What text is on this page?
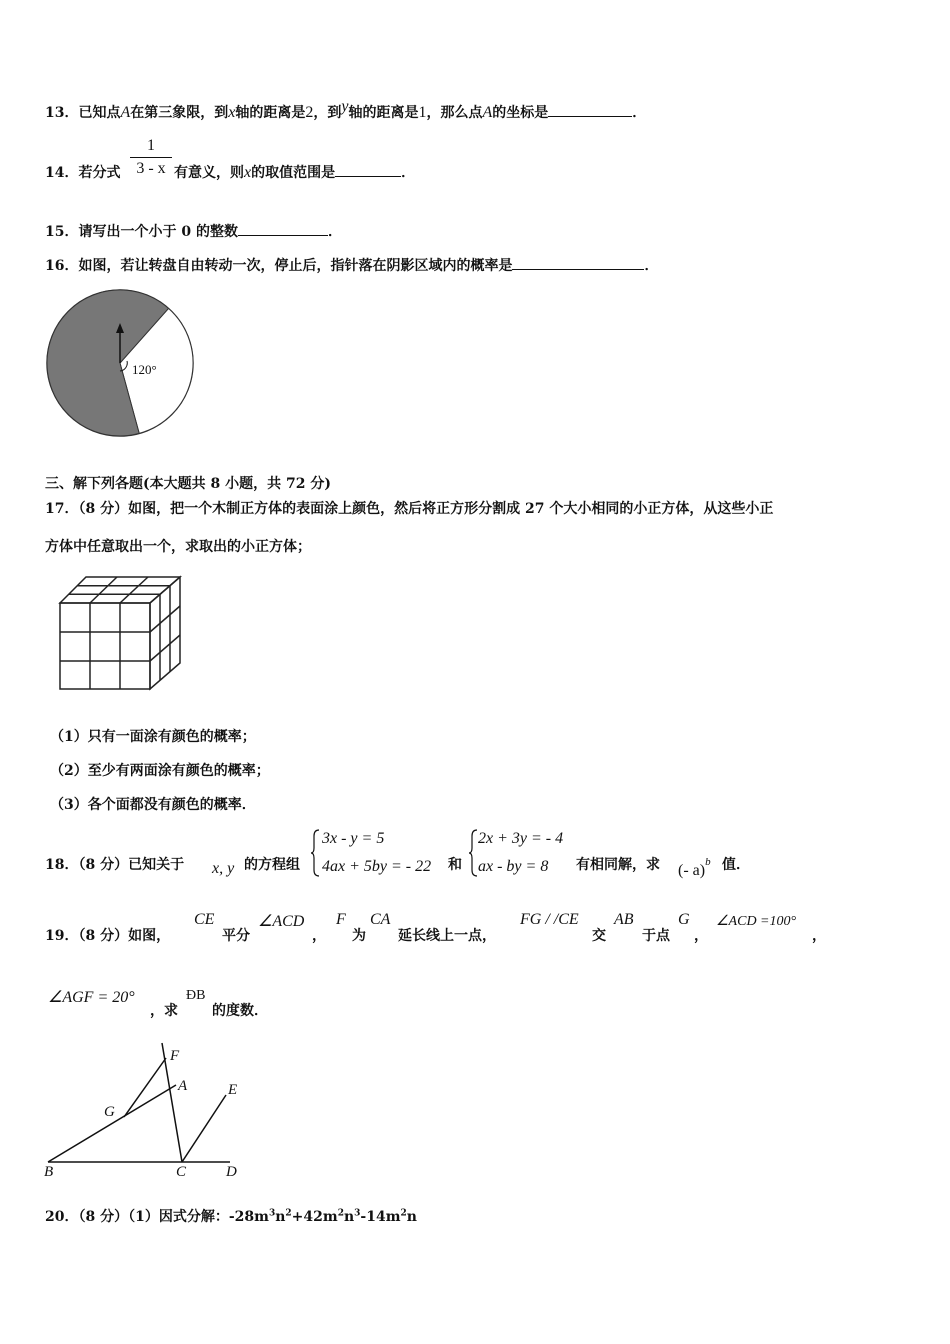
13．已知点A在第三象限，到x轴的距离是2，到y轴的距离是1，那么点A的坐标是	．
14．若分式
1
3 - x 有意义，则x的取值范围是	．
15．请写出一个小于 0 的整数	．
16．如图，若让转盘自由转动一次，停止后，指针落在阴影区域内的概率是	．
120°
三、解下列各题(本大题共 8 小题，共 72 分)
17．（8 分）如图，把一个木制正方体的表面涂上颜色，然后将正方形分割成 27 个大小相同的小正方体，从这些小正
方体中任意取出一个，求取出的小正方体；
（1）只有一面涂有颜色的概率；
（2）至少有两面涂有颜色的概率；
（3）各个面都没有颜色的概率．
18．（8 分）已知关于 x, y 的方程组
3x - y = 5
4ax + 5by = - 22 和
2x + 3y = - 4
ax - by = 8 有相同解，求 (- a)$^b$ 值．
19．（8 分）如图，
CE
平分
∠ACD
，
F
为
CA
延长线上一点，
FG / /CE
交
AB
于点
G
，
∠ACD =100°
，
∠AGF = 20°
，求
ÐB
的度数．
F
A
G
E
B	C	D
20．（8 分）（1）因式分解：$-28m^3n^2+42m^2n^3-14m^2n$
